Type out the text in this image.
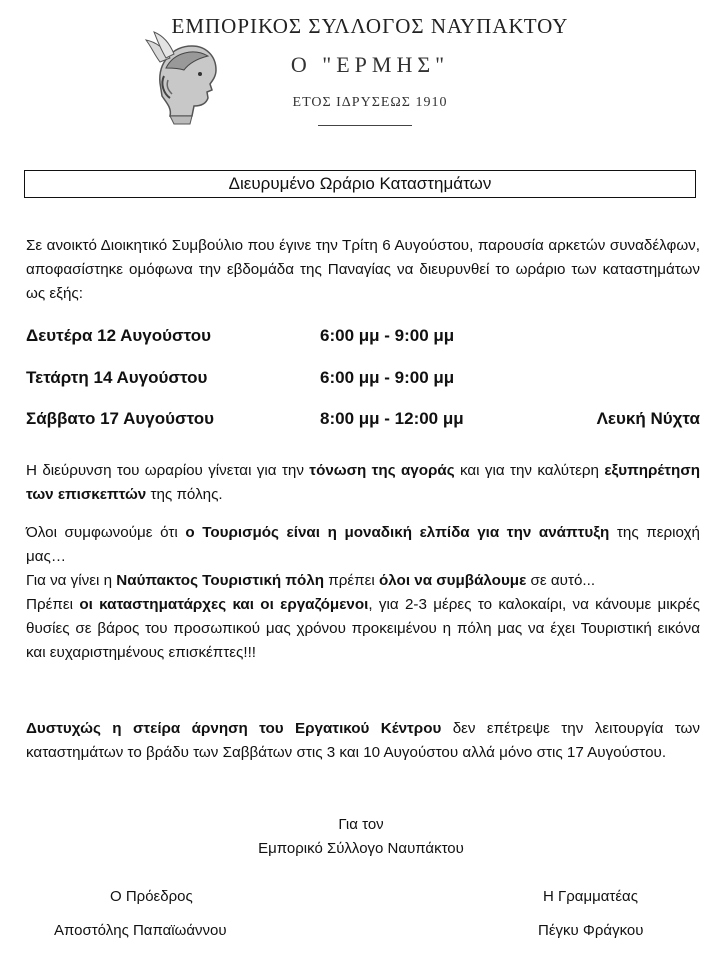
ΕΜΠΟΡΙΚΟΣ ΣΥΛΛΟΓΟΣ ΝΑΥΠΑΚΤΟΥ
Ο "ΕΡΜΗΣ"
ΕΤΟΣ ΙΔΡΥΣΕΩΣ 1910
Διευρυμένο Ωράριο Καταστημάτων
Σε ανοικτό Διοικητικό Συμβούλιο που έγινε την Τρίτη 6 Αυγούστου, παρουσία αρκετών συναδέλφων, αποφασίστηκε ομόφωνα την εβδομάδα της Παναγίας να διευρυνθεί το ωράριο των καταστημάτων ως εξής:
Δευτέρα 12 Αυγούστου	6:00 μμ - 9:00 μμ
Τετάρτη 14 Αυγούστου	6:00 μμ - 9:00 μμ
Σάββατο 17 Αυγούστου	8:00 μμ - 12:00 μμ	Λευκή Νύχτα
Η διεύρυνση του ωραρίου γίνεται για την τόνωση της αγοράς και για την καλύτερη εξυπηρέτηση των επισκεπτών της πόλης.
Όλοι συμφωνούμε ότι ο Τουρισμός είναι η μοναδική ελπίδα για την ανάπτυξη της περιοχή μας…
Για να γίνει η Ναύπακτος Τουριστική πόλη πρέπει όλοι να συμβάλουμε σε αυτό...
Πρέπει οι καταστηματάρχες και οι εργαζόμενοι, για 2-3 μέρες το καλοκαίρι, να κάνουμε μικρές θυσίες σε βάρος του προσωπικού μας χρόνου προκειμένου η πόλη μας να έχει Τουριστική εικόνα και ευχαριστημένους επισκέπτες!!!
Δυστυχώς η στείρα άρνηση του Εργατικού Κέντρου δεν επέτρεψε την λειτουργία των καταστημάτων το βράδυ των Σαββάτων στις 3 και 10 Αυγούστου αλλά μόνο στις 17 Αυγούστου.
Για τον
Εμπορικό Σύλλογο Ναυπάκτου
Ο Πρόεδρος
Αποστόλης Παπαϊωάννου
Η Γραμματέας
Πέγκυ Φράγκου
